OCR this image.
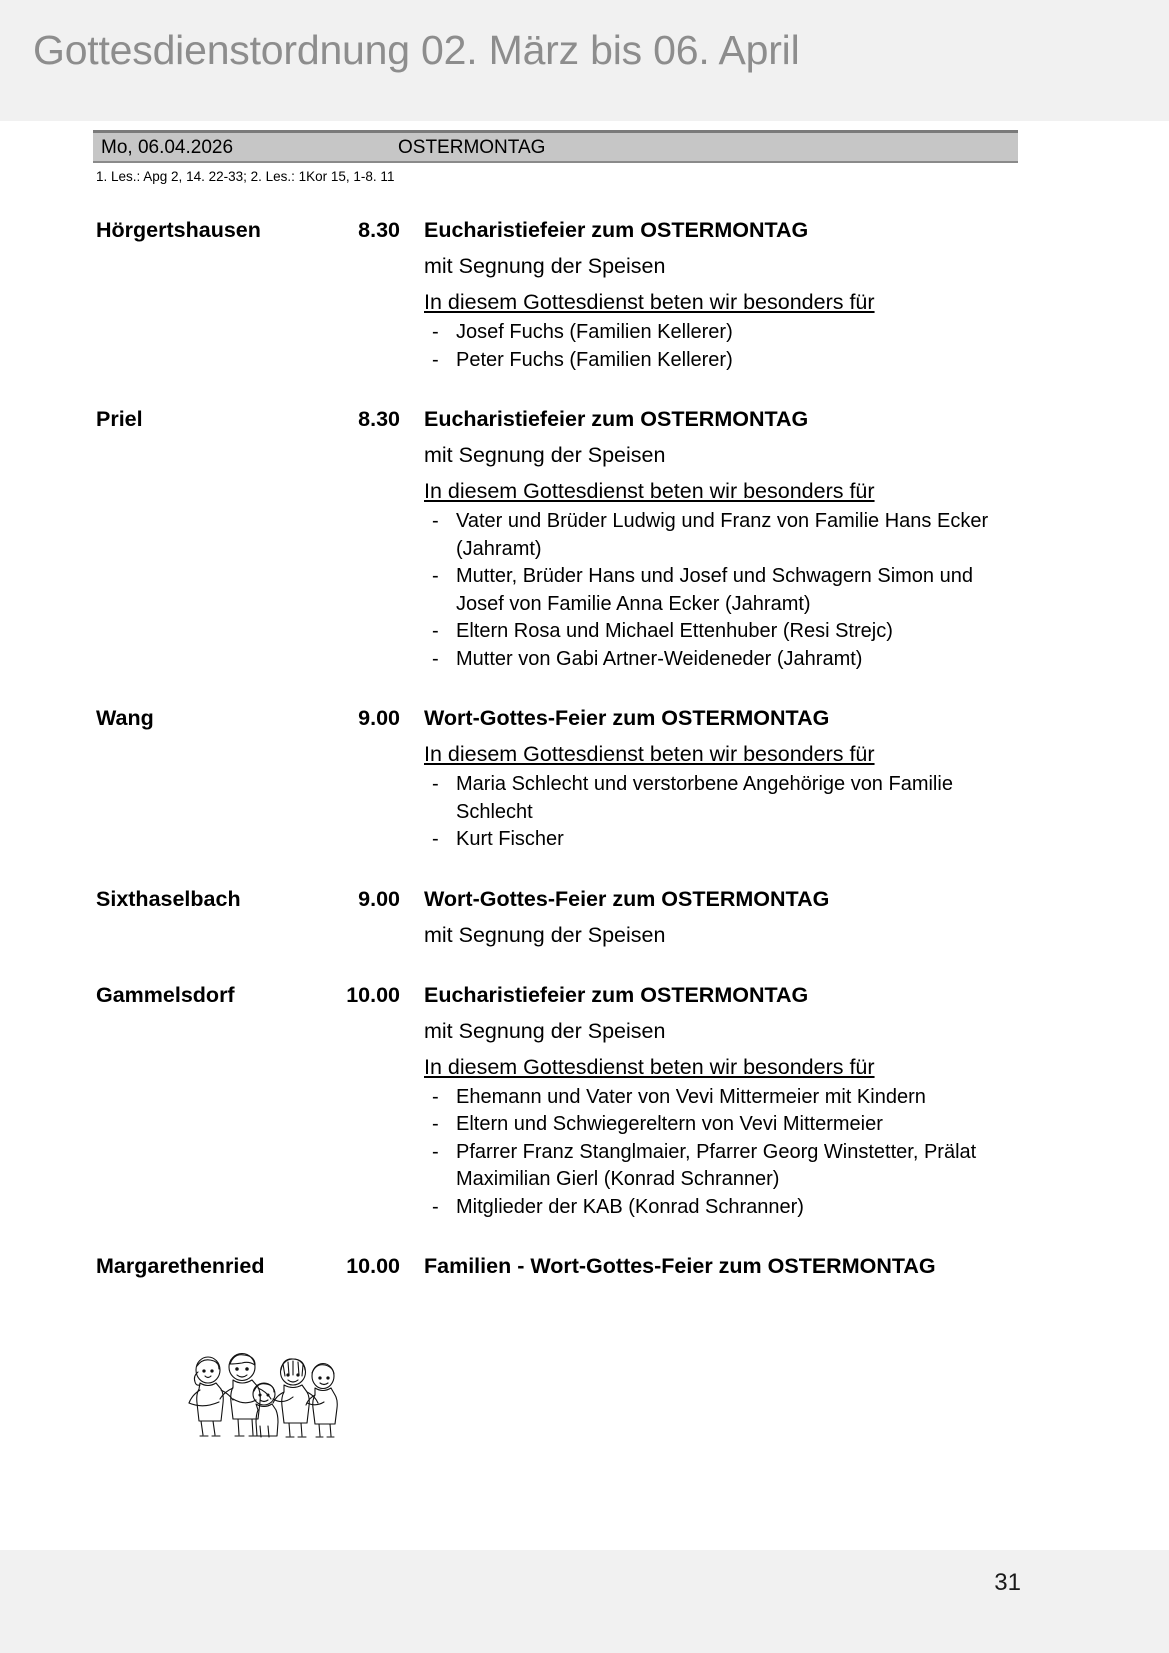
Gottesdienstordnung 02. März bis 06. April
Mo, 06.04.2026	OSTERMONTAG
1. Les.: Apg 2, 14. 22-33; 2. Les.: 1Kor 15, 1-8. 11
Hörgertshausen	8.30 Eucharistiefeier zum OSTERMONTAG
mit Segnung der Speisen
In diesem Gottesdienst beten wir besonders für
- Josef Fuchs (Familien Kellerer)
- Peter Fuchs (Familien Kellerer)
Priel	8.30 Eucharistiefeier zum OSTERMONTAG
mit Segnung der Speisen
In diesem Gottesdienst beten wir besonders für
- Vater und Brüder Ludwig und Franz von Familie Hans Ecker (Jahramt)
- Mutter, Brüder Hans und Josef und Schwagern Simon und Josef von Familie Anna Ecker (Jahramt)
- Eltern Rosa und Michael Ettenhuber (Resi Strejc)
- Mutter von Gabi Artner-Weideneder (Jahramt)
Wang	9.00 Wort-Gottes-Feier zum OSTERMONTAG
In diesem Gottesdienst beten wir besonders für
- Maria Schlecht und verstorbene Angehörige von Familie Schlecht
- Kurt Fischer
Sixthaselbach	9.00 Wort-Gottes-Feier zum OSTERMONTAG
mit Segnung der Speisen
Gammelsdorf	10.00 Eucharistiefeier zum OSTERMONTAG
mit Segnung der Speisen
In diesem Gottesdienst beten wir besonders für
- Ehemann und Vater von Vevi Mittermeier mit Kindern
- Eltern und Schwiegereltern von Vevi Mittermeier
- Pfarrer Franz Stanglmaier, Pfarrer Georg Winstetter, Prälat Maximilian Gierl (Konrad Schranner)
- Mitglieder der KAB (Konrad Schranner)
Margarethenried	10.00 Familien - Wort-Gottes-Feier zum OSTERMONTAG
31
